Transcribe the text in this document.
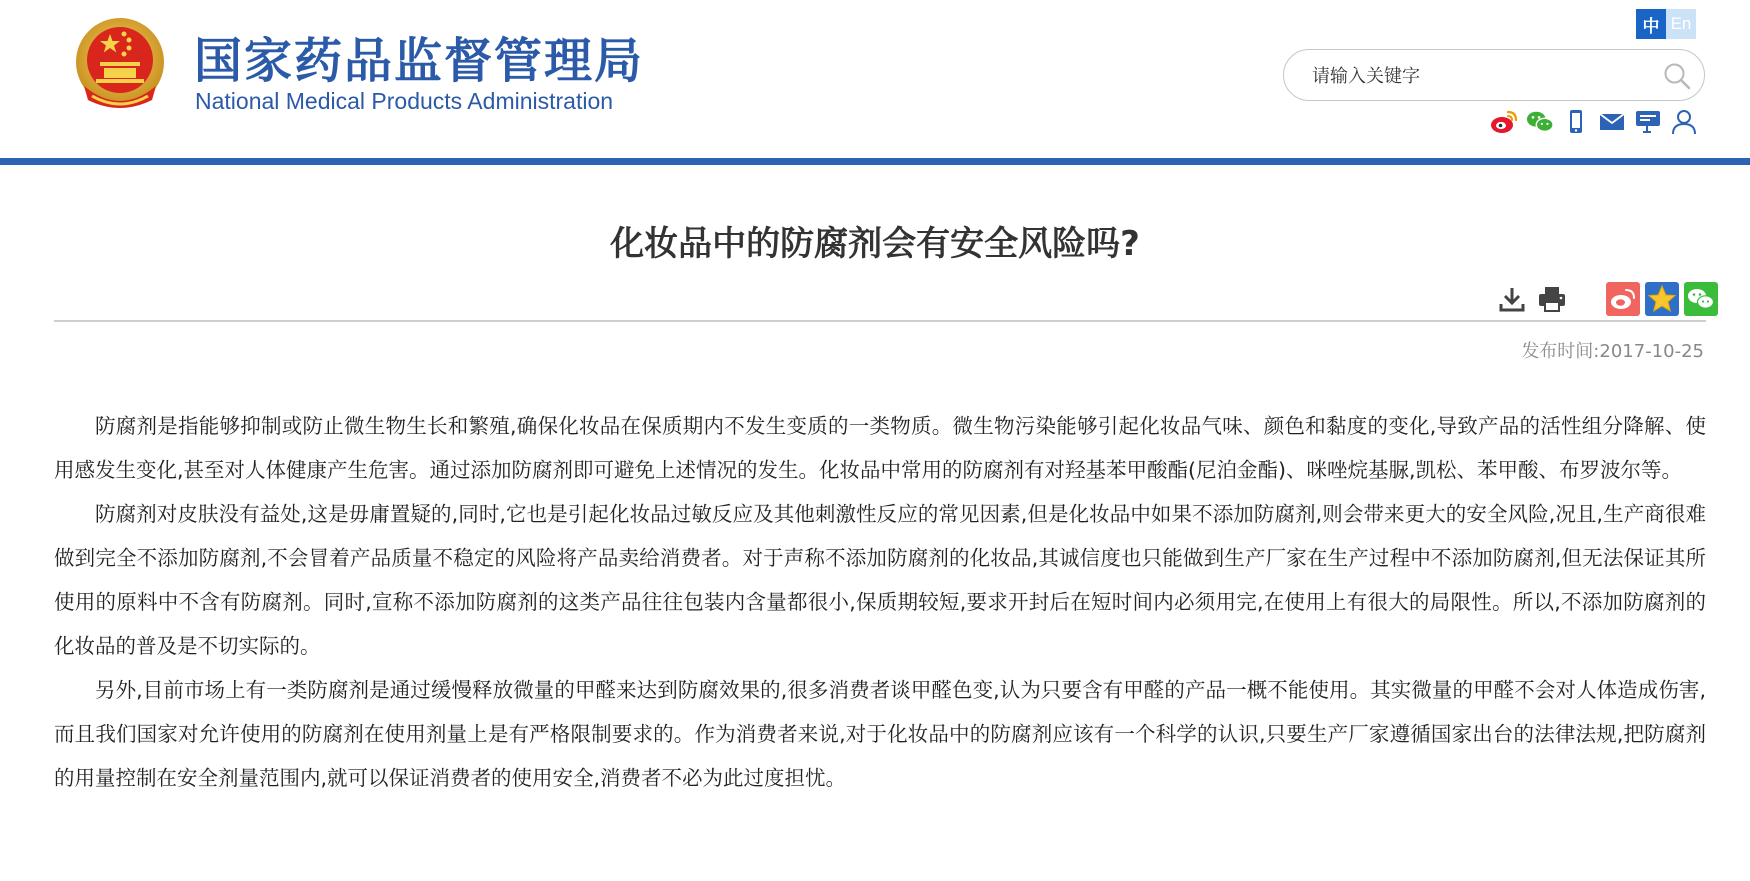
国家药品监督管理局
National Medical Products Administration
中 En
请输入关键字
化妆品中的防腐剂会有安全风险吗?
发布时间:2017-10-25

防腐剂是指能够抑制或防止微生物生长和繁殖,确保化妆品在保质期内不发生变质的一类物质。微生物污染能够引起化妆品气味、颜色和黏度的变化,导致产品的活性组分降解、使用感发生变化,甚至对人体健康产生危害。通过添加防腐剂即可避免上述情况的发生。化妆品中常用的防腐剂有对羟基苯甲酸酯(尼泊金酯)、咪唑烷基脲,凯松、苯甲酸、布罗波尔等。

防腐剂对皮肤没有益处,这是毋庸置疑的,同时,它也是引起化妆品过敏反应及其他刺激性反应的常见因素,但是化妆品中如果不添加防腐剂,则会带来更大的安全风险,况且,生产商很难做到完全不添加防腐剂,不会冒着产品质量不稳定的风险将产品卖给消费者。对于声称不添加防腐剂的化妆品,其诚信度也只能做到生产厂家在生产过程中不添加防腐剂,但无法保证其所使用的原料中不含有防腐剂。同时,宣称不添加防腐剂的这类产品往往包装内含量都很小,保质期较短,要求开封后在短时间内必须用完,在使用上有很大的局限性。所以,不添加防腐剂的化妆品的普及是不切实际的。

另外,目前市场上有一类防腐剂是通过缓慢释放微量的甲醛来达到防腐效果的,很多消费者谈甲醛色变,认为只要含有甲醛的产品一概不能使用。其实微量的甲醛不会对人体造成伤害,而且我们国家对允许使用的防腐剂在使用剂量上是有严格限制要求的。作为消费者来说,对于化妆品中的防腐剂应该有一个科学的认识,只要生产厂家遵循国家出台的法律法规,把防腐剂的用量控制在安全剂量范围内,就可以保证消费者的使用安全,消费者不必为此过度担忧。
